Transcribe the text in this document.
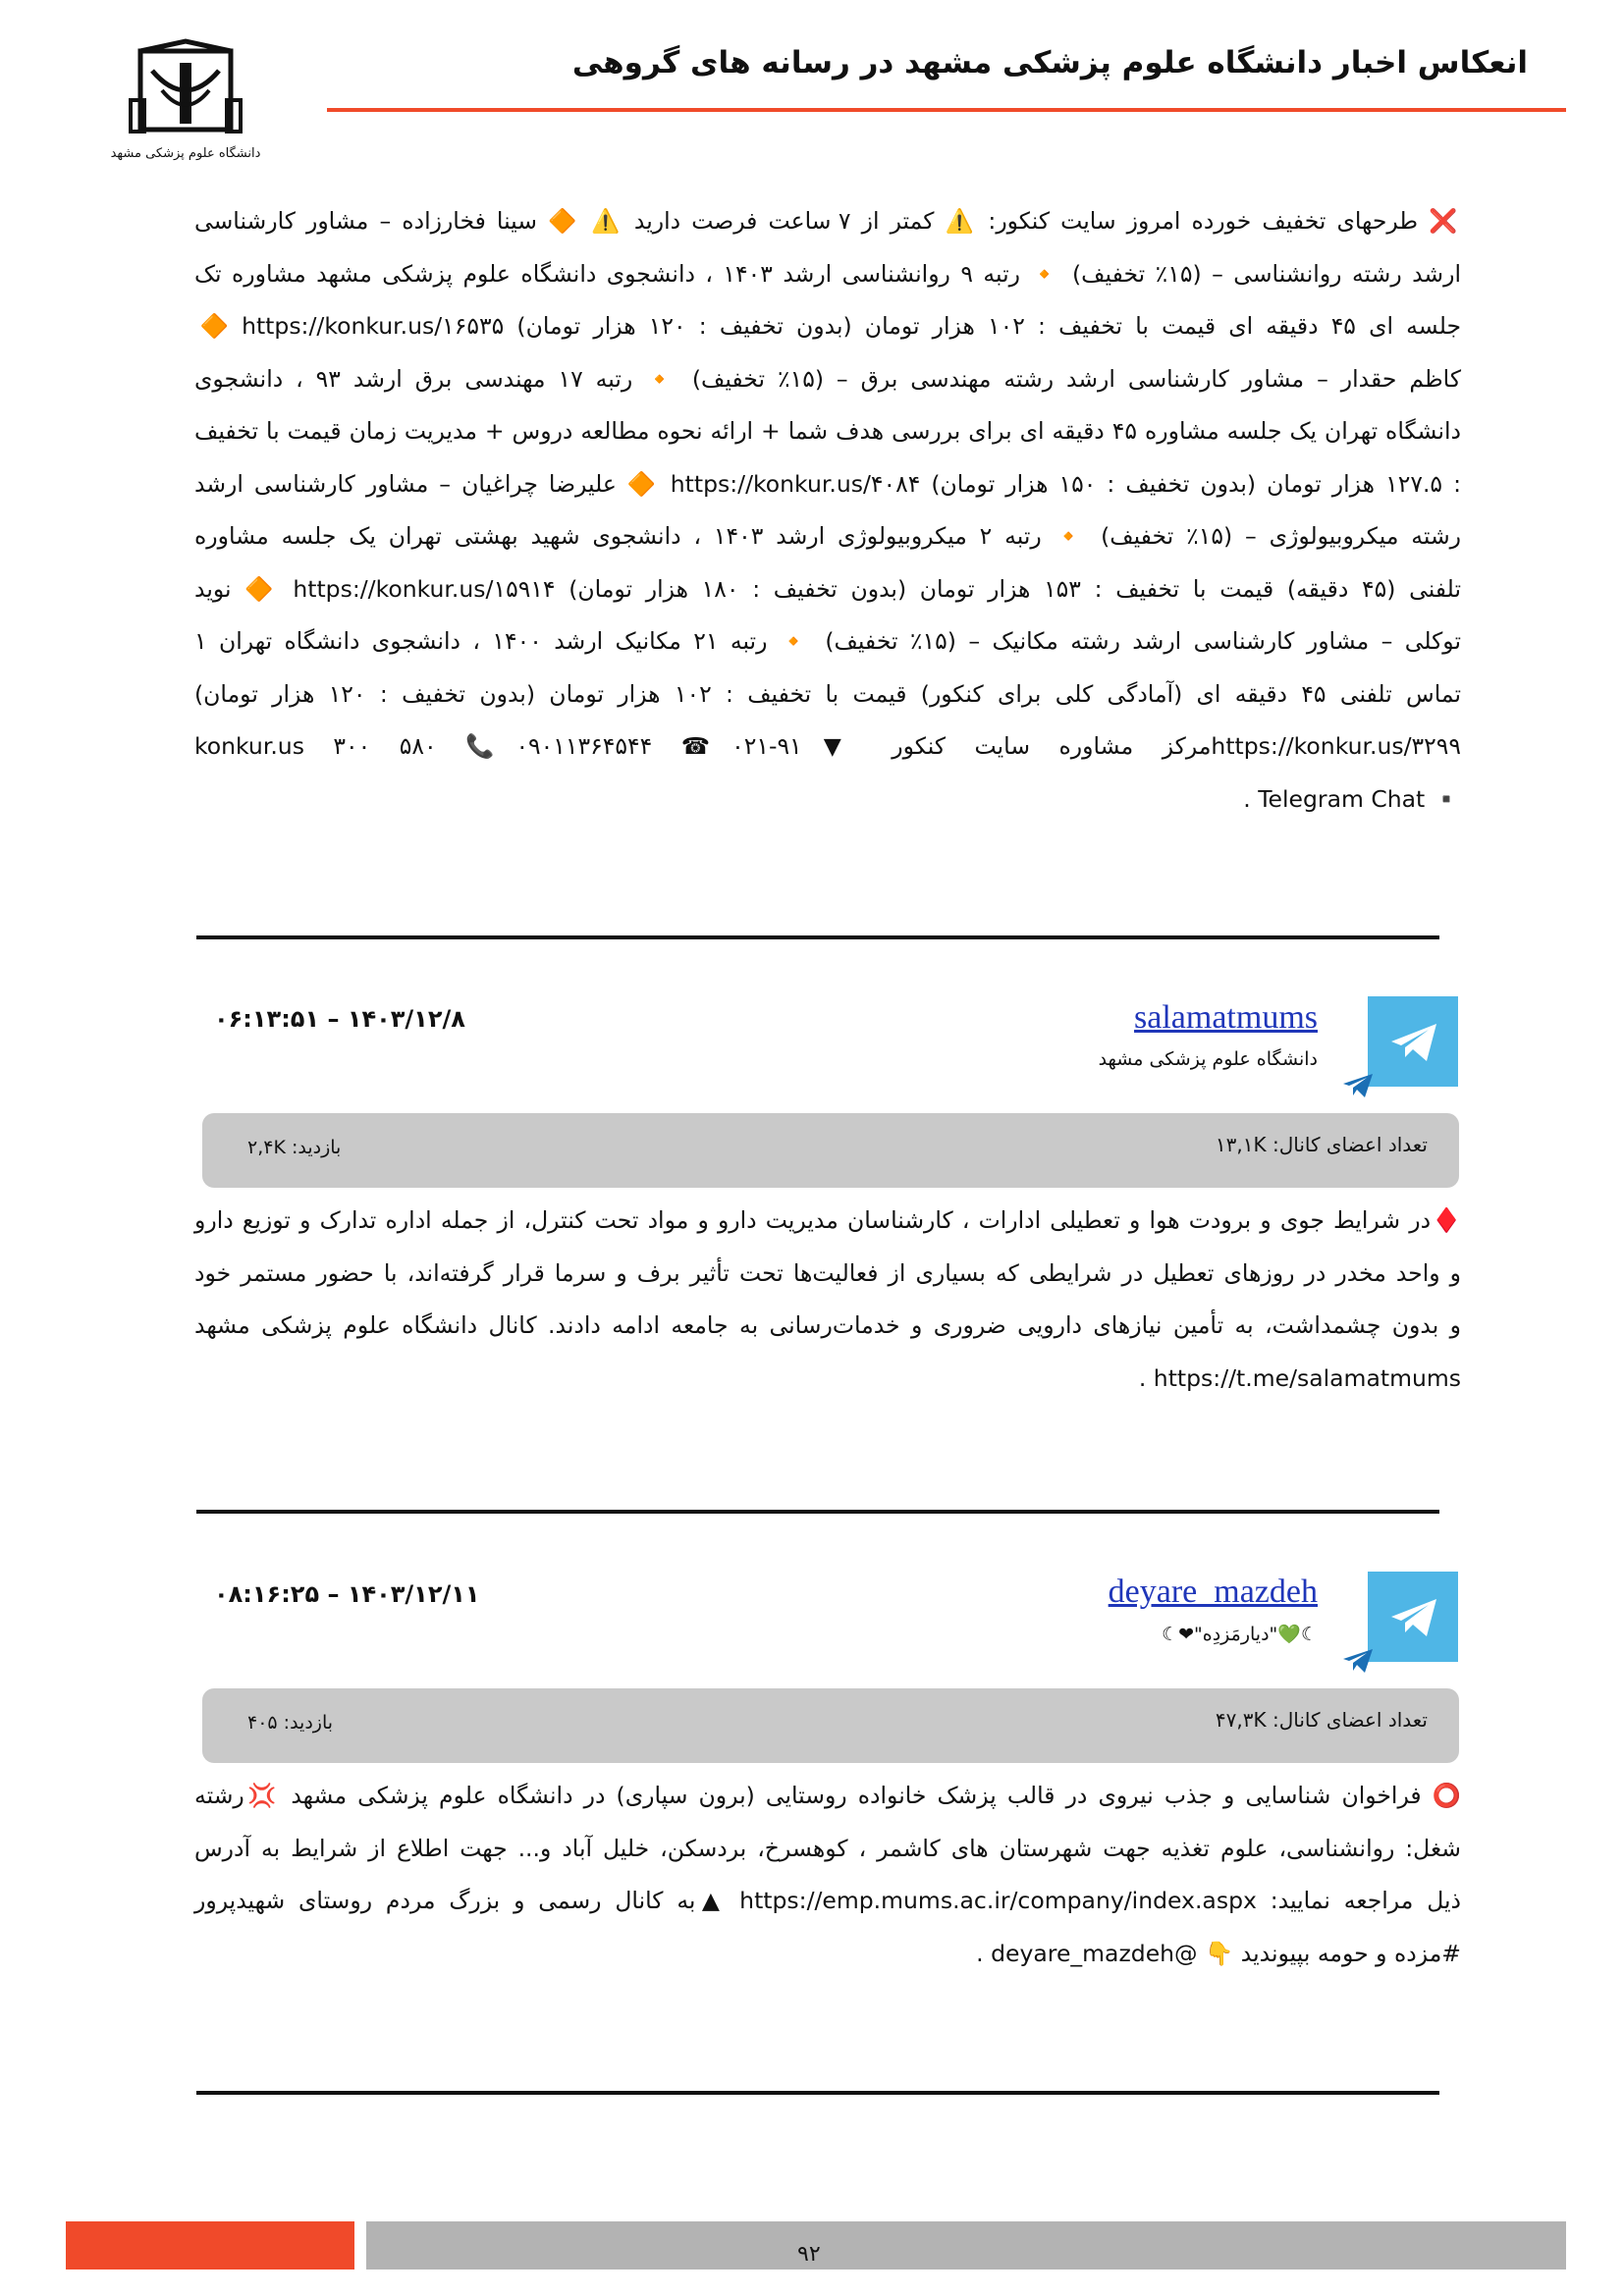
دانشگاه علوم پزشکی مشهد
انعکاس اخبار دانشگاه علوم پزشکی مشهد در رسانه های گروهی
❌ طرحهای تخفیف خورده امروز سایت کنکور: ⚠️ کمتر از ۷ ساعت فرصت دارید ⚠️ 🔶 سینا فخارزاده – مشاور کارشناسی
ارشد رشته روانشناسی – (۱۵٪ تخفیف) 🔸 رتبه ۹ روانشناسی ارشد ۱۴۰۳ ، دانشجوی دانشگاه علوم پزشکی مشهد مشاوره تک
جلسه ای ۴۵ دقیقه ای قیمت با تخفیف : ۱۰۲ هزار تومان (بدون تخفیف : ۱۲۰ هزار تومان) https://konkur.us/۱۶۵۳۵ 🔶
کاظم حقدار – مشاور کارشناسی ارشد رشته مهندسی برق – (۱۵٪ تخفیف) 🔸 رتبه ۱۷ مهندسی برق ارشد ۹۳ ، دانشجوی
دانشگاه تهران یک جلسه مشاوره ۴۵ دقیقه ای برای بررسی هدف شما + ارائه نحوه مطالعه دروس + مدیریت زمان قیمت با تخفیف
: ۱۲۷.۵ هزار تومان (بدون تخفیف : ۱۵۰ هزار تومان) https://konkur.us/۴۰۸۴ 🔶 علیرضا چراغیان – مشاور کارشناسی ارشد
رشته میکروبیولوژی – (۱۵٪ تخفیف) 🔸 رتبه ۲ میکروبیولوژی ارشد ۱۴۰۳ ، دانشجوی شهید بهشتی تهران یک جلسه مشاوره
تلفنی (۴۵ دقیقه) قیمت با تخفیف : ۱۵۳ هزار تومان (بدون تخفیف : ۱۸۰ هزار تومان) https://konkur.us/۱۵۹۱۴ 🔶 نوید
توکلی – مشاور کارشناسی ارشد رشته مکانیک – (۱۵٪ تخفیف) 🔸 رتبه ۲۱ مکانیک ارشد ۱۴۰۰ ، دانشجوی دانشگاه تهران ۱
تماس تلفنی ۴۵ دقیقه ای (آمادگی کلی برای کنکور) قیمت با تخفیف : ۱۰۲ هزار تومان (بدون تخفیف : ۱۲۰ هزار تومان)
https://konkur.us/۳۲۹۹مرکز مشاوره سایت کنکور ▼۹۱-۰۲۱☎ ۰۹۰۱۱۳۶۴۵۴۴📞 konkur.us ۳۰۰ ۵۸۰
▪️ Telegram Chat .
salamatmums
دانشگاه علوم پزشکی مشهد
۱۴۰۳/۱۲/۸ – ۰۶:۱۳:۵۱
تعداد اعضای کانال: ۱۳,۱K
بازدید: ۲,۴K
♦️در شرایط جوی و برودت هوا و تعطیلی ادارات ، کارشناسان مدیریت دارو و مواد تحت کنترل، از جمله اداره تدارک و توزیع دارو
و واحد مخدر در روزهای تعطیل در شرایطی که بسیاری از فعالیت‌ها تحت تأثیر برف و سرما قرار گرفته‌اند، با حضور مستمر خود
و بدون چشمداشت، به تأمین نیازهای دارویی ضروری و خدمات‌رسانی به جامعه ادامه دادند. کانال دانشگاه علوم پزشکی مشهد
https://t.me/salamatmums .
deyare_mazdeh
☾💚"دیارمَزدِه"❤☾
۱۴۰۳/۱۲/۱۱ – ۰۸:۱۶:۲۵
تعداد اعضای کانال: ۴۷,۳K
بازدید: ۴۰۵
⭕ فراخوان شناسایی و جذب نیروی در قالب پزشک خانواده روستایی (برون سپاری) در دانشگاه علوم پزشکی مشهد 💢رشته
شغل: روانشناسی، علوم تغذیه جهت شهرستان های کاشمر ، کوهسرخ، بردسکن، خلیل آباد و... جهت اطلاع از شرایط به آدرس
ذیل مراجعه نمایید: https://emp.mums.ac.ir/company/index.aspx ▲به کانال رسمی و بزرگ مردم روستای شهیدپرور
#مزده و حومه بپیوندید 👇 @deyare_mazdeh .
۹۲
